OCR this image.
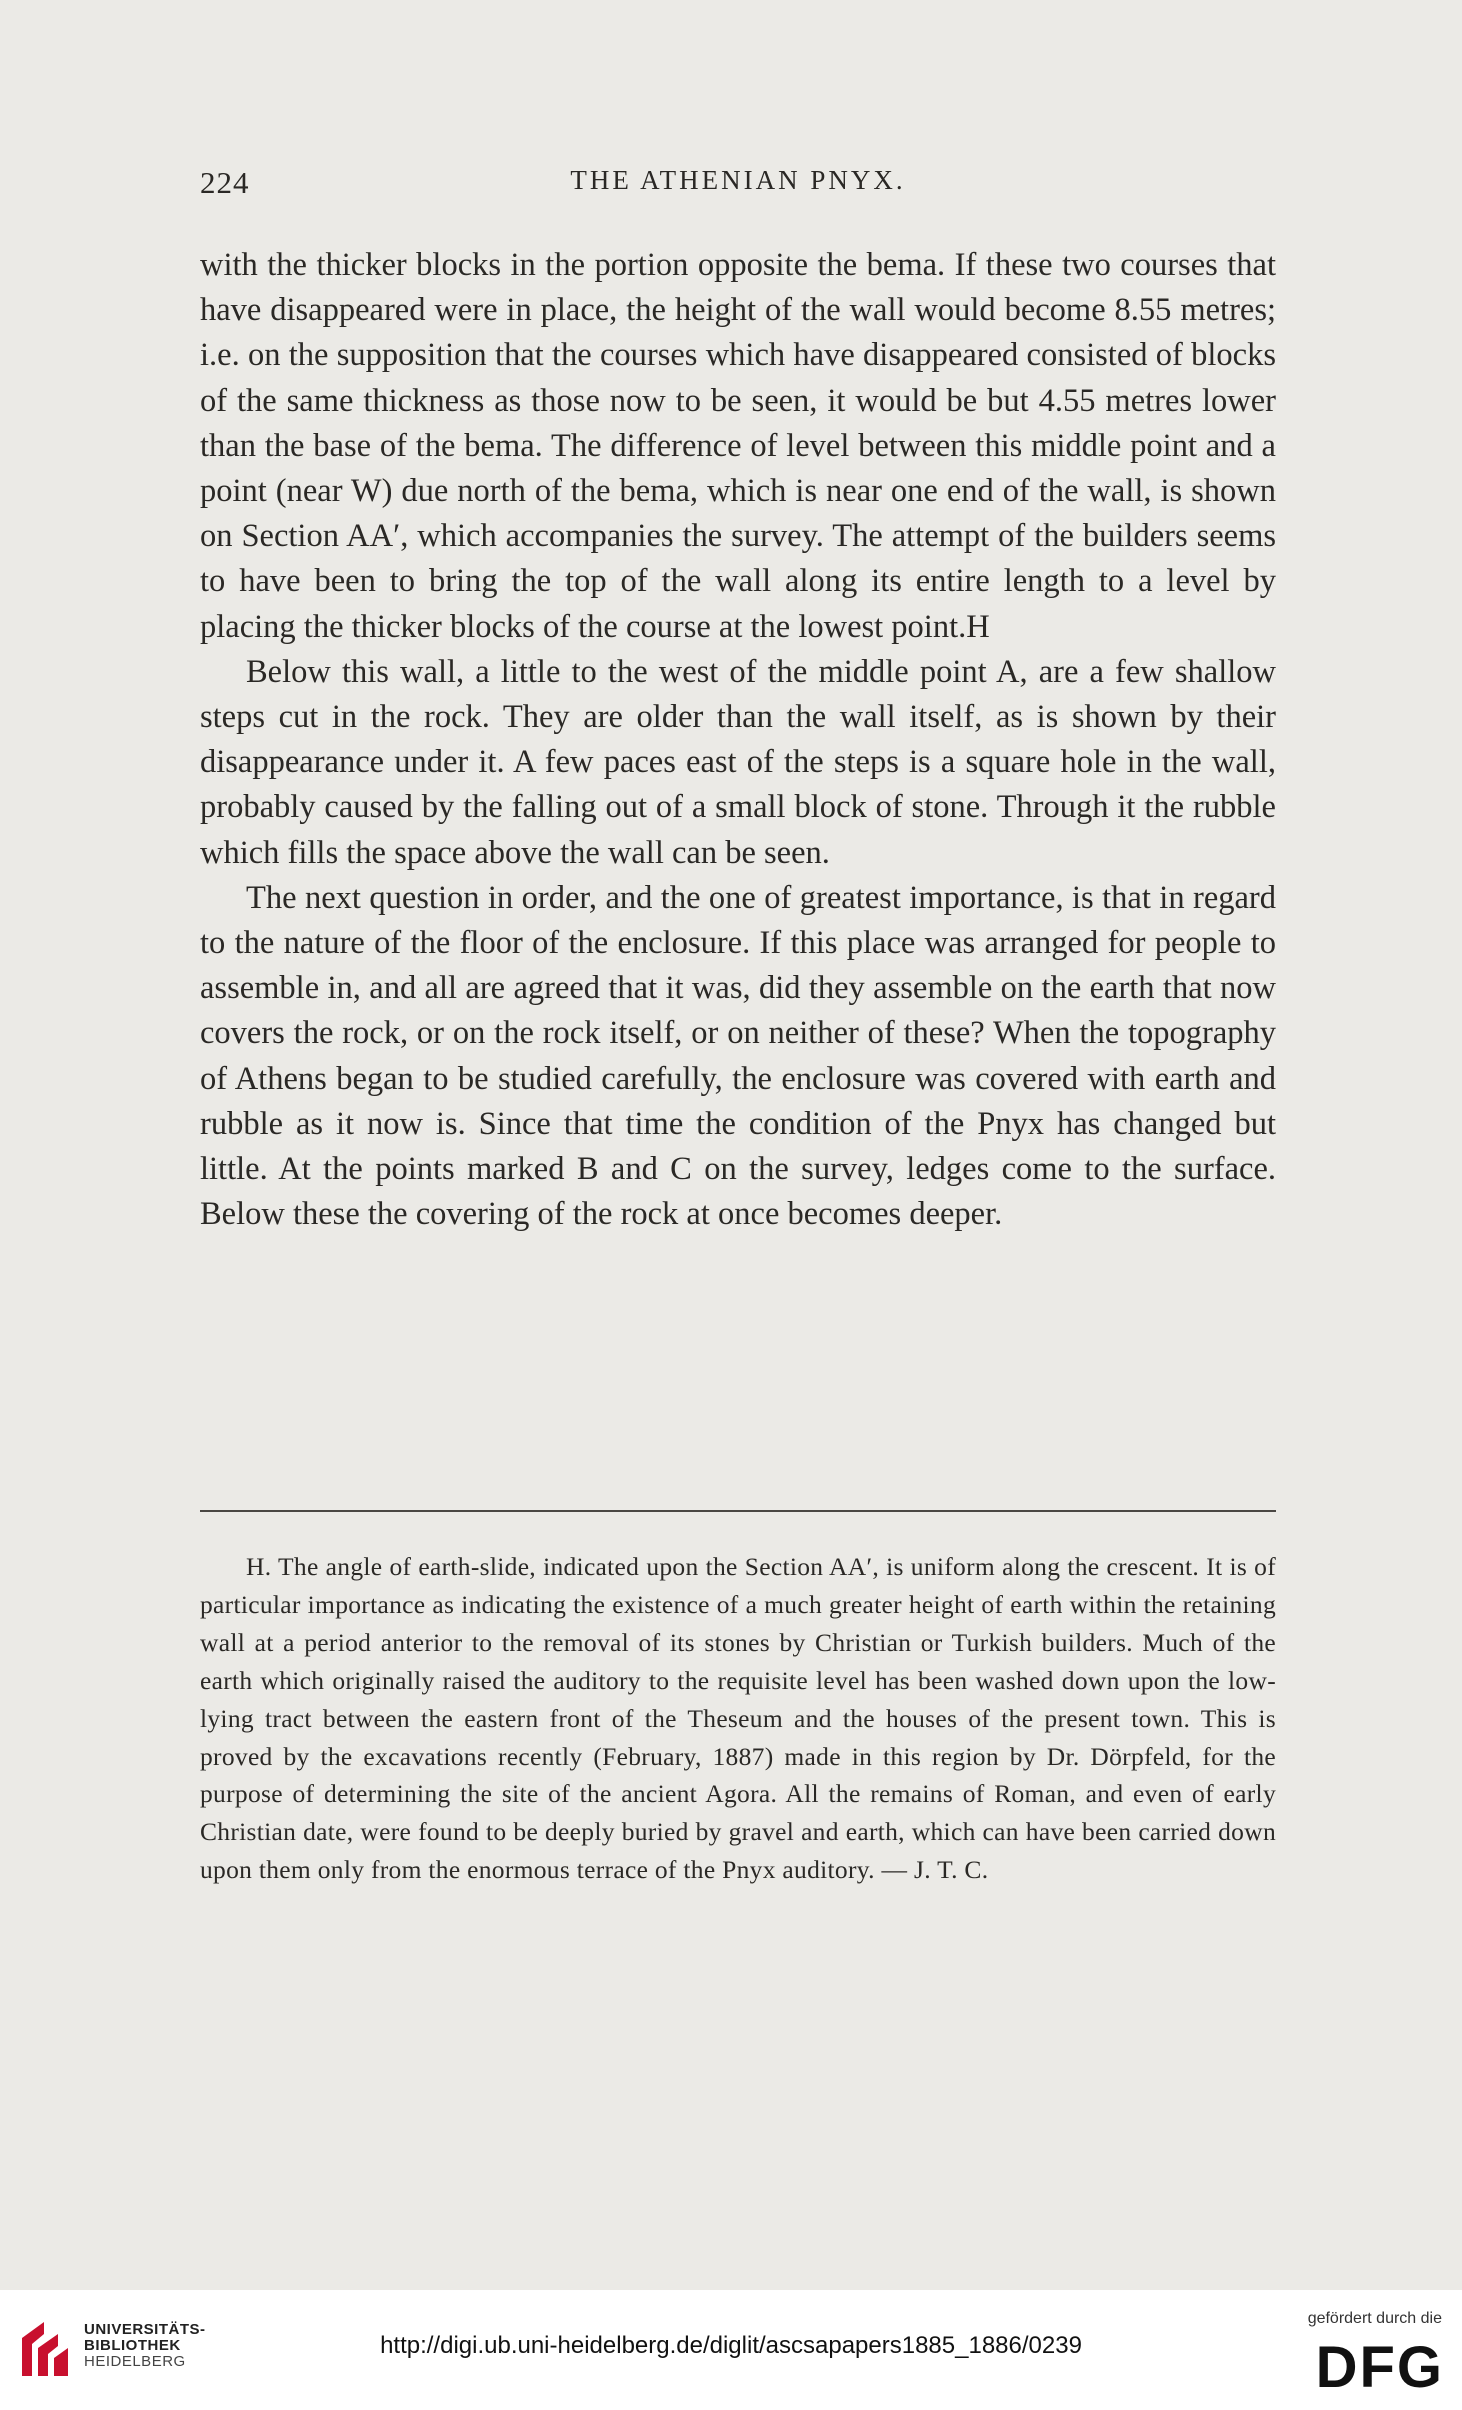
224	THE ATHENIAN PNYX.

with the thicker blocks in the portion opposite the bema. If these two courses that have disappeared were in place, the height of the wall would become 8.55 metres; i.e. on the supposition that the courses which have disappeared consisted of blocks of the same thickness as those now to be seen, it would be but 4.55 metres lower than the base of the bema. The difference of level between this middle point and a point (near W) due north of the bema, which is near one end of the wall, is shown on Section AA′, which accompanies the survey. The attempt of the builders seems to have been to bring the top of the wall along its entire length to a level by placing the thicker blocks of the course at the lowest point.H

Below this wall, a little to the west of the middle point A, are a few shallow steps cut in the rock. They are older than the wall itself, as is shown by their disappearance under it. A few paces east of the steps is a square hole in the wall, probably caused by the falling out of a small block of stone. Through it the rubble which fills the space above the wall can be seen.

The next question in order, and the one of greatest importance, is that in regard to the nature of the floor of the enclosure. If this place was arranged for people to assemble in, and all are agreed that it was, did they assemble on the earth that now covers the rock, or on the rock itself, or on neither of these? When the topography of Athens began to be studied carefully, the enclosure was covered with earth and rubble as it now is. Since that time the condition of the Pnyx has changed but little. At the points marked B and C on the survey, ledges come to the surface. Below these the covering of the rock at once becomes deeper.

H. The angle of earth-slide, indicated upon the Section AA′, is uniform along the crescent. It is of particular importance as indicating the existence of a much greater height of earth within the retaining wall at a period anterior to the removal of its stones by Christian or Turkish builders. Much of the earth which originally raised the auditory to the requisite level has been washed down upon the low-lying tract between the eastern front of the Theseum and the houses of the present town. This is proved by the excavations recently (February, 1887) made in this region by Dr. Dörpfeld, for the purpose of determining the site of the ancient Agora. All the remains of Roman, and even of early Christian date, were found to be deeply buried by gravel and earth, which can have been carried down upon them only from the enormous terrace of the Pnyx auditory. — J. T. C.
UNIVERSITÄTS-
BIBLIOTHEK
HEIDELBERG
http://digi.ub.uni-heidelberg.de/diglit/ascsapapers1885_1886/0239
gefördert durch die
DFG
